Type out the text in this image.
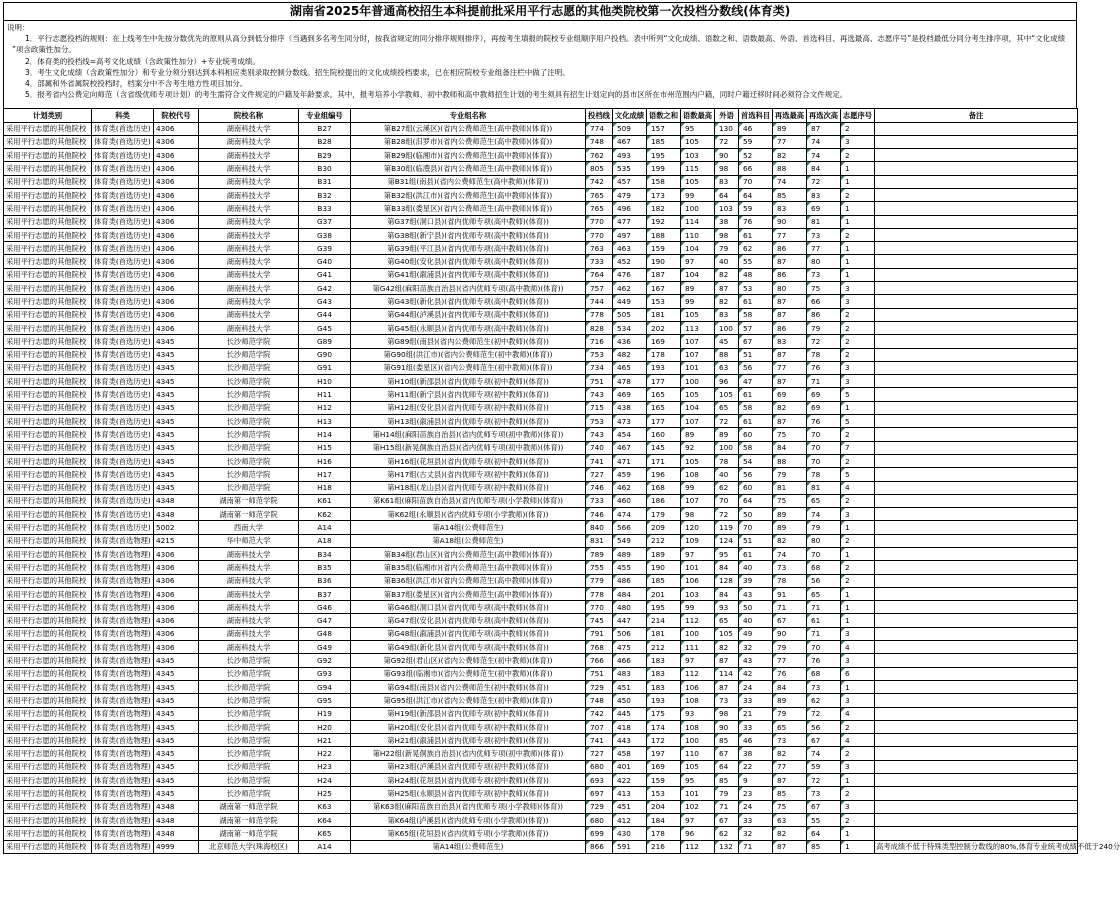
湖南省2025年普通高校招生本科提前批采用平行志愿的其他类院校第一次投档分数线(体育类)
说明：
1．平行志愿投档的规则：在上线考生中先按分数优先的原则从高分到低分排序（当遇到多名考生同分时，按我省规定的同分排序规则排序），再按考生填报的院校专业组顺序用户投档。表中所列“文化成绩、语数之和、语数最高、外语、首选科目、再选最高、志愿序号”是投档最低分同分考生排序项，其中“文化成绩
”项含政策性加分。
2．体育类的投档线=高考文化成绩（含政策性加分）+专业统考成绩。
3．考生文化成绩（含政策性加分）和专业分须分别达到本科相应类别录取控制分数线。招生院校提出的文化成绩投档要求，已在相应院校专业组备注栏中做了注明。
4．部属和外省属院校投档时，档案分中不含考生地方性项目加分。
5．报考省内公费定向师范（含省级优师专项计划）的考生需符合文件规定的户籍及年龄要求。其中，报考培养小学教师、初中教师和高中教师招生计划的考生须具有招生计划定向的县市区所在市州范围内户籍，同时户籍迁移时间必须符合文件规定。
计划类别	科类	院校代号	院校名称	专业组编号	专业组名称	投档线	文化成绩	语数之和	语数最高	外语	首选科目	再选最高	再选次高	志愿序号	备注
采用平行志愿的其他院校	体育类(首选历史)	4306	湖南科技大学	B27	第B27组(云溪区)(省内公费师范生(高中教师)(体育))	774	509	157	95	130	46	89	87	2	
采用平行志愿的其他院校	体育类(首选历史)	4306	湖南科技大学	B28	第B28组(汨罗市)(省内公费师范生(高中教师)(体育))	748	467	185	105	72	59	77	74	3	
采用平行志愿的其他院校	体育类(首选历史)	4306	湖南科技大学	B29	第B29组(临湘市)(省内公费师范生(高中教师)(体育))	762	493	195	103	90	52	82	74	2	
采用平行志愿的其他院校	体育类(首选历史)	4306	湖南科技大学	B30	第B30组(临澧县)(省内公费师范生(高中教师)(体育))	805	535	199	115	98	66	88	84	1	
采用平行志愿的其他院校	体育类(首选历史)	4306	湖南科技大学	B31	第B31组(南县)(省内公费师范生(高中教师)(体育))	742	457	158	105	83	70	74	72	1	
采用平行志愿的其他院校	体育类(首选历史)	4306	湖南科技大学	B32	第B32组(洪江市)(省内公费师范生(高中教师)(体育))	765	479	173	99	64	64	85	83	2	
采用平行志愿的其他院校	体育类(首选历史)	4306	湖南科技大学	B33	第B33组(娄星区)(省内公费师范生(高中教师)(体育))	765	496	182	100	103	59	83	69	1	
采用平行志愿的其他院校	体育类(首选历史)	4306	湖南科技大学	G37	第G37组(洞口县)(省内优师专项(高中教师)(体育))	770	477	192	114	38	76	90	81	1	
采用平行志愿的其他院校	体育类(首选历史)	4306	湖南科技大学	G38	第G38组(新宁县)(省内优师专项(高中教师)(体育))	770	497	188	110	98	61	77	73	2	
采用平行志愿的其他院校	体育类(首选历史)	4306	湖南科技大学	G39	第G39组(平江县)(省内优师专项(高中教师)(体育))	763	463	159	104	79	62	86	77	1	
采用平行志愿的其他院校	体育类(首选历史)	4306	湖南科技大学	G40	第G40组(安化县)(省内优师专项(高中教师)(体育))	733	452	190	97	40	55	87	80	1	
采用平行志愿的其他院校	体育类(首选历史)	4306	湖南科技大学	G41	第G41组(溆浦县)(省内优师专项(高中教师)(体育))	764	476	187	104	82	48	86	73	1	
采用平行志愿的其他院校	体育类(首选历史)	4306	湖南科技大学	G42	第G42组(麻阳苗族自治县)(省内优师专项(高中教师)(体育))	757	462	167	89	87	53	80	75	3	
采用平行志愿的其他院校	体育类(首选历史)	4306	湖南科技大学	G43	第G43组(新化县)(省内优师专项(高中教师)(体育))	744	449	153	99	82	61	87	66	3	
采用平行志愿的其他院校	体育类(首选历史)	4306	湖南科技大学	G44	第G44组(泸溪县)(省内优师专项(高中教师)(体育))	778	505	181	105	83	58	87	86	2	
采用平行志愿的其他院校	体育类(首选历史)	4306	湖南科技大学	G45	第G45组(永顺县)(省内优师专项(高中教师)(体育))	828	534	202	113	100	57	86	79	2	
采用平行志愿的其他院校	体育类(首选历史)	4345	长沙师范学院	G89	第G89组(南县)(省内公费师范生(初中教师)(体育))	716	436	169	107	45	67	83	72	2	
采用平行志愿的其他院校	体育类(首选历史)	4345	长沙师范学院	G90	第G90组(洪江市)(省内公费师范生(初中教师)(体育))	753	482	178	107	88	51	87	78	2	
采用平行志愿的其他院校	体育类(首选历史)	4345	长沙师范学院	G91	第G91组(娄星区)(省内公费师范生(初中教师)(体育))	734	465	193	101	63	56	77	76	3	
采用平行志愿的其他院校	体育类(首选历史)	4345	长沙师范学院	H10	第H10组(新邵县)(省内优师专项(初中教师)(体育))	751	478	177	100	96	47	87	71	3	
采用平行志愿的其他院校	体育类(首选历史)	4345	长沙师范学院	H11	第H11组(新宁县)(省内优师专项(初中教师)(体育))	743	469	165	105	105	61	69	69	5	
采用平行志愿的其他院校	体育类(首选历史)	4345	长沙师范学院	H12	第H12组(安化县)(省内优师专项(初中教师)(体育))	715	438	165	104	65	58	82	69	1	
采用平行志愿的其他院校	体育类(首选历史)	4345	长沙师范学院	H13	第H13组(溆浦县)(省内优师专项(初中教师)(体育))	753	473	177	107	72	61	87	76	5	
采用平行志愿的其他院校	体育类(首选历史)	4345	长沙师范学院	H14	第H14组(麻阳苗族自治县)(省内优师专项(初中教师)(体育))	743	454	160	89	89	60	75	70	2	
采用平行志愿的其他院校	体育类(首选历史)	4345	长沙师范学院	H15	第H15组(新晃侗族自治县)(省内优师专项(初中教师)(体育))	740	467	145	92	100	58	84	70	7	
采用平行志愿的其他院校	体育类(首选历史)	4345	长沙师范学院	H16	第H16组(花垣县)(省内优师专项(初中教师)(体育))	741	471	171	105	78	54	88	70	2	
采用平行志愿的其他院校	体育类(首选历史)	4345	长沙师范学院	H17	第H17组(古丈县)(省内优师专项(初中教师)(体育))	727	459	196	108	40	56	79	78	5	
采用平行志愿的其他院校	体育类(首选历史)	4345	长沙师范学院	H18	第H18组(龙山县)(省内优师专项(初中教师)(体育))	746	462	168	99	62	60	81	81	4	
采用平行志愿的其他院校	体育类(首选历史)	4348	湖南第一师范学院	K61	第K61组(麻阳苗族自治县)(省内优师专项(小学教师)(体育))	733	460	186	107	70	64	75	65	2	
采用平行志愿的其他院校	体育类(首选历史)	4348	湖南第一师范学院	K62	第K62组(永顺县)(省内优师专项(小学教师)(体育))	746	474	179	98	72	50	89	74	3	
采用平行志愿的其他院校	体育类(首选历史)	5002	西南大学	A14	第A14组(公费师范生)	840	566	209	120	119	70	89	79	1	
采用平行志愿的其他院校	体育类(首选物理)	4215	华中师范大学	A18	第A18组(公费师范生)	831	549	212	109	124	51	82	80	2	
采用平行志愿的其他院校	体育类(首选物理)	4306	湖南科技大学	B34	第B34组(君山区)(省内公费师范生(高中教师)(体育))	789	489	189	97	95	61	74	70	1	
采用平行志愿的其他院校	体育类(首选物理)	4306	湖南科技大学	B35	第B35组(临湘市)(省内公费师范生(高中教师)(体育))	755	455	190	101	84	40	73	68	2	
采用平行志愿的其他院校	体育类(首选物理)	4306	湖南科技大学	B36	第B36组(洪江市)(省内公费师范生(高中教师)(体育))	779	486	185	106	128	39	78	56	2	
采用平行志愿的其他院校	体育类(首选物理)	4306	湖南科技大学	B37	第B37组(娄星区)(省内公费师范生(高中教师)(体育))	778	484	201	103	84	43	91	65	1	
采用平行志愿的其他院校	体育类(首选物理)	4306	湖南科技大学	G46	第G46组(洞口县)(省内优师专项(高中教师)(体育))	770	480	195	99	93	50	71	71	1	
采用平行志愿的其他院校	体育类(首选物理)	4306	湖南科技大学	G47	第G47组(安化县)(省内优师专项(高中教师)(体育))	745	447	214	112	65	40	67	61	1	
采用平行志愿的其他院校	体育类(首选物理)	4306	湖南科技大学	G48	第G48组(溆浦县)(省内优师专项(高中教师)(体育))	791	506	181	100	105	49	90	71	3	
采用平行志愿的其他院校	体育类(首选物理)	4306	湖南科技大学	G49	第G49组(新化县)(省内优师专项(高中教师)(体育))	768	475	212	111	82	32	79	70	4	
采用平行志愿的其他院校	体育类(首选物理)	4345	长沙师范学院	G92	第G92组(君山区)(省内公费师范生(初中教师)(体育))	766	466	183	97	87	43	77	76	3	
采用平行志愿的其他院校	体育类(首选物理)	4345	长沙师范学院	G93	第G93组(临湘市)(省内公费师范生(初中教师)(体育))	751	483	183	112	114	42	76	68	6	
采用平行志愿的其他院校	体育类(首选物理)	4345	长沙师范学院	G94	第G94组(南县)(省内公费师范生(初中教师)(体育))	729	451	183	106	87	24	84	73	1	
采用平行志愿的其他院校	体育类(首选物理)	4345	长沙师范学院	G95	第G95组(洪江市)(省内公费师范生(初中教师)(体育))	748	450	193	108	73	33	89	62	3	
采用平行志愿的其他院校	体育类(首选物理)	4345	长沙师范学院	H19	第H19组(新邵县)(省内优师专项(初中教师)(体育))	742	445	175	93	98	21	79	72	4	
采用平行志愿的其他院校	体育类(首选物理)	4345	长沙师范学院	H20	第H20组(安化县)(省内优师专项(初中教师)(体育))	707	418	174	108	90	33	65	56	2	
采用平行志愿的其他院校	体育类(首选物理)	4345	长沙师范学院	H21	第H21组(溆浦县)(省内优师专项(初中教师)(体育))	741	443	172	100	85	46	73	67	4	
采用平行志愿的其他院校	体育类(首选物理)	4345	长沙师范学院	H22	第H22组(新晃侗族自治县)(省内优师专项(初中教师)(体育))	727	458	197	110	67	38	82	74	2	
采用平行志愿的其他院校	体育类(首选物理)	4345	长沙师范学院	H23	第H23组(泸溪县)(省内优师专项(初中教师)(体育))	680	401	169	105	64	22	77	59	3	
采用平行志愿的其他院校	体育类(首选物理)	4345	长沙师范学院	H24	第H24组(花垣县)(省内优师专项(初中教师)(体育))	693	422	159	95	85	9	87	72	1	
采用平行志愿的其他院校	体育类(首选物理)	4345	长沙师范学院	H25	第H25组(永顺县)(省内优师专项(初中教师)(体育))	697	413	153	101	79	23	85	73	2	
采用平行志愿的其他院校	体育类(首选物理)	4348	湖南第一师范学院	K63	第K63组(麻阳苗族自治县)(省内优师专项(小学教师)(体育))	729	451	204	102	71	24	75	67	3	
采用平行志愿的其他院校	体育类(首选物理)	4348	湖南第一师范学院	K64	第K64组(泸溪县)(省内优师专项(小学教师)(体育))	680	412	184	97	67	33	63	55	2	
采用平行志愿的其他院校	体育类(首选物理)	4348	湖南第一师范学院	K65	第K65组(花垣县)(省内优师专项(小学教师)(体育))	699	430	178	96	62	32	82	64	1	
采用平行志愿的其他院校	体育类(首选物理)	4999	北京师范大学(珠海校区)	A14	第A14组(公费师范生)	866	591	216	112	132	71	87	85	1	高考成绩不低于特殊类型控制分数线的80%,体育专业统考成绩不低于240分
